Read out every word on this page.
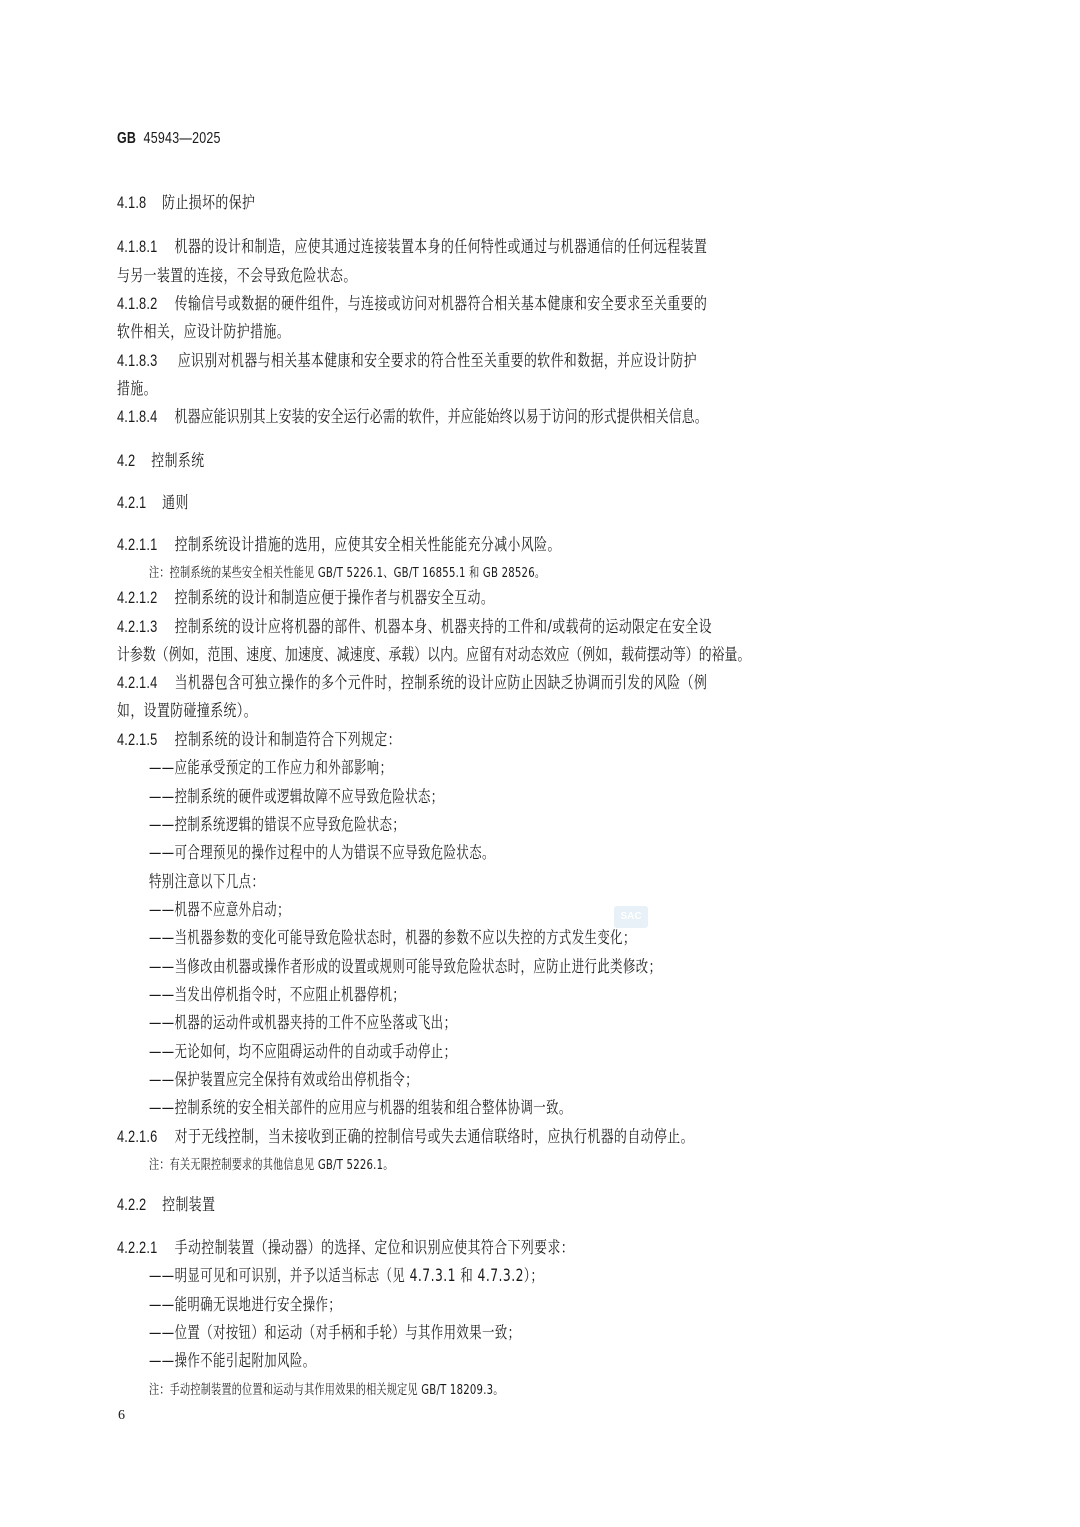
GB 45943—2025
4.1.8 防止损坏的保护
4.1.8.1 机器的设计和制造，应使其通过连接装置本身的任何特性或通过与机器通信的任何远程装置
与另一装置的连接，不会导致危险状态。
4.1.8.2 传输信号或数据的硬件组件，与连接或访问对机器符合相关基本健康和安全要求至关重要的
软件相关，应设计防护措施。
4.1.8.3 应识别对机器与相关基本健康和安全要求的符合性至关重要的软件和数据，并应设计防护
措施。
4.1.8.4 机器应能识别其上安装的安全运行必需的软件，并应能始终以易于访问的形式提供相关信息。
4.2 控制系统
4.2.1 通则
4.2.1.1 控制系统设计措施的选用，应使其安全相关性能能充分减小风险。
注：控制系统的某些安全相关性能见 GB/T 5226.1、GB/T 16855.1 和 GB 28526。
4.2.1.2 控制系统的设计和制造应便于操作者与机器安全互动。
4.2.1.3 控制系统的设计应将机器的部件、机器本身、机器夹持的工件和/或载荷的运动限定在安全设
计参数（例如，范围、速度、加速度、减速度、承载）以内。应留有对动态效应（例如，载荷摆动等）的裕量。
4.2.1.4 当机器包含可独立操作的多个元件时，控制系统的设计应防止因缺乏协调而引发的风险（例
如，设置防碰撞系统）。
4.2.1.5 控制系统的设计和制造符合下列规定：
——应能承受预定的工作应力和外部影响；
——控制系统的硬件或逻辑故障不应导致危险状态；
——控制系统逻辑的错误不应导致危险状态；
——可合理预见的操作过程中的人为错误不应导致危险状态。
特别注意以下几点：
——机器不应意外启动；
——当机器参数的变化可能导致危险状态时，机器的参数不应以失控的方式发生变化；
——当修改由机器或操作者形成的设置或规则可能导致危险状态时，应防止进行此类修改；
——当发出停机指令时，不应阻止机器停机；
——机器的运动件或机器夹持的工件不应坠落或飞出；
——无论如何，均不应阻碍运动件的自动或手动停止；
——保护装置应完全保持有效或给出停机指令；
——控制系统的安全相关部件的应用应与机器的组装和组合整体协调一致。
4.2.1.6 对于无线控制，当未接收到正确的控制信号或失去通信联络时，应执行机器的自动停止。
注：有关无限控制要求的其他信息见 GB/T 5226.1。
4.2.2 控制装置
4.2.2.1 手动控制装置（操动器）的选择、定位和识别应使其符合下列要求：
——明显可见和可识别，并予以适当标志（见 4.7.3.1 和 4.7.3.2）；
——能明确无误地进行安全操作；
——位置（对按钮）和运动（对手柄和手轮）与其作用效果一致；
——操作不能引起附加风险。
注：手动控制装置的位置和运动与其作用效果的相关规定见 GB/T 18209.3。
SAC
6
